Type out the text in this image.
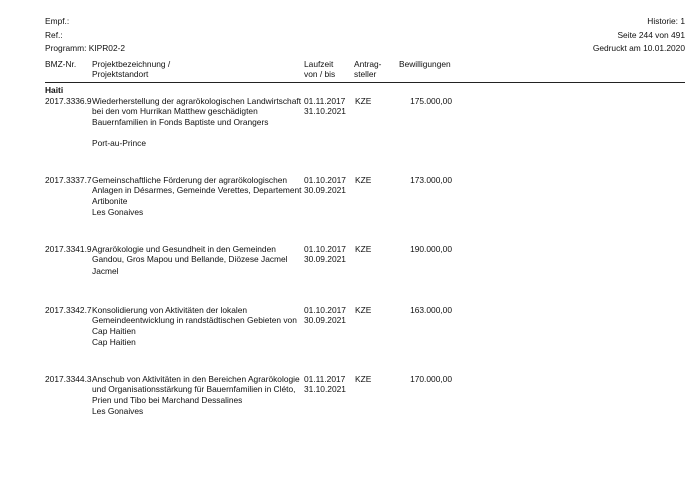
Empf.:
Ref.:
Programm: KIPR02-2
Historie: 1
Seite 244 von 491
Gedruckt am 10.01.2020
BMZ-Nr. Projektbezeichnung /
Projektstandort
Laufzeit
von / bis
Antrag-
steller
Bewilligungen
Haiti
2017.3336.9 Wiederherstellung der agrarökologischen Landwirtschaft bei den vom Hurrikan Matthew geschädigten Bauernfamilien in Fonds Baptiste und Orangers
Port-au-Prince
01.11.2017
31.10.2021
KZE	175.000,00
2017.3337.7 Gemeinschaftliche Förderung der agrarökologischen Anlagen in Désarmes, Gemeinde Verettes, Departement Artibonite
Les Gonaives
01.10.2017
30.09.2021
KZE	173.000,00
2017.3341.9 Agrarökologie und Gesundheit in den Gemeinden Gandou, Gros Mapou und Bellande, Diözese Jacmel
Jacmel
01.10.2017
30.09.2021
KZE	190.000,00
2017.3342.7 Konsolidierung von Aktivitäten der lokalen Gemeindeentwicklung in randstädtischen Gebieten von Cap Haitien
Cap Haitien
01.10.2017
30.09.2021
KZE	163.000,00
2017.3344.3 Anschub von Aktivitäten in den Bereichen Agrarökologie und Organisationsstärkung für Bauernfamilien in Cléto, Prien und Tibo bei Marchand Dessalines
Les Gonaives
01.11.2017
31.10.2021
KZE	170.000,00
